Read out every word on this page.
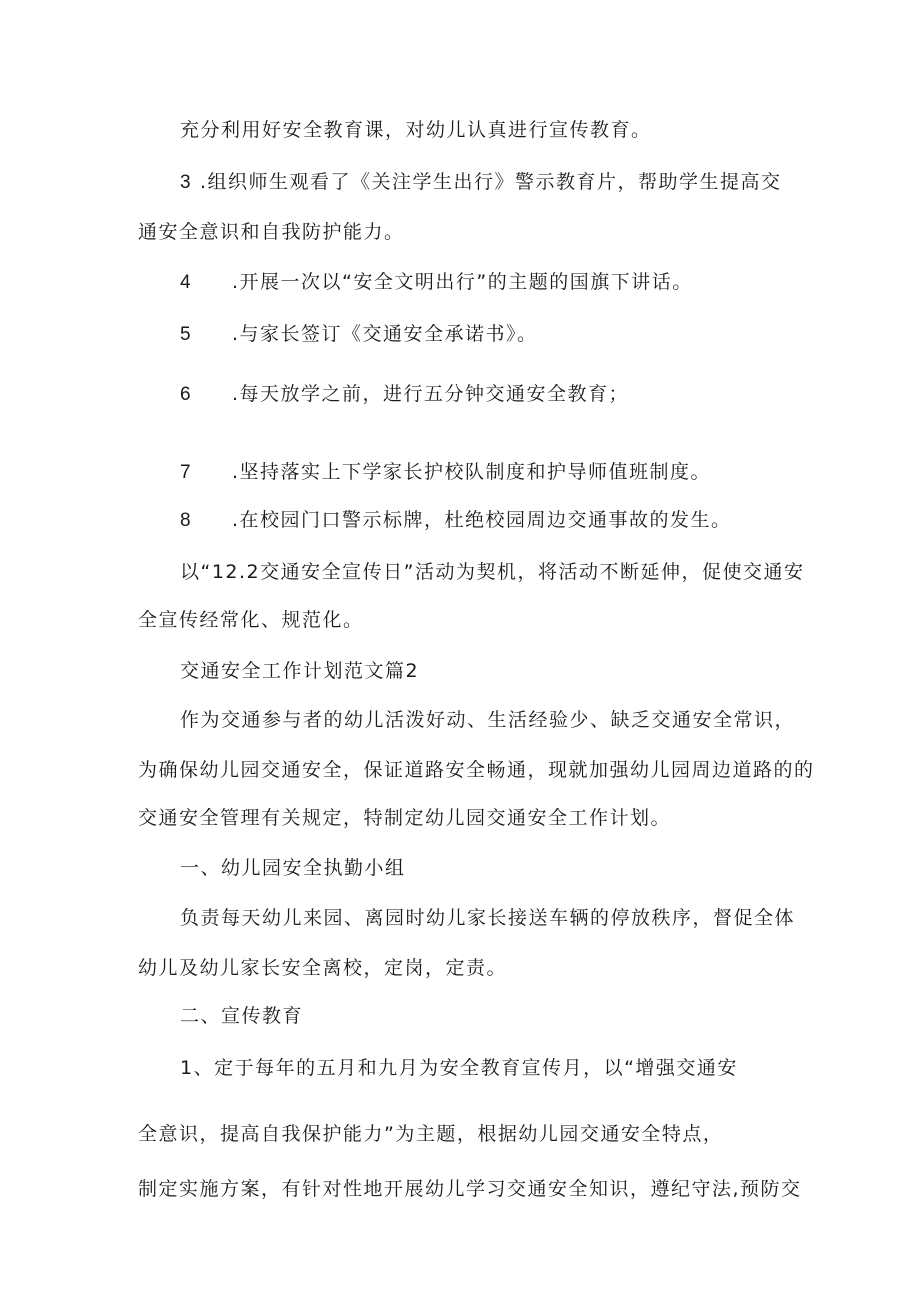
充分利用好安全教育课，对幼儿认真进行宣传教育。
3 .组织师生观看了《关注学生出行》警示教育片，帮助学生提高交
通安全意识和自我防护能力。
4 .开展一次以“安全文明出行”的主题的国旗下讲话。
5 .与家长签订《交通安全承诺书》。
6 .每天放学之前，进行五分钟交通安全教育；
7 .坚持落实上下学家长护校队制度和护导师值班制度。
8 .在校园门口警示标牌，杜绝校园周边交通事故的发生。
以“12.2交通安全宣传日”活动为契机，将活动不断延伸，促使交通安
全宣传经常化、规范化。
交通安全工作计划范文篇2
作为交通参与者的幼儿活泼好动、生活经验少、缺乏交通安全常识，
为确保幼儿园交通安全，保证道路安全畅通，现就加强幼儿园周边道路的的
交通安全管理有关规定，特制定幼儿园交通安全工作计划。
一、幼儿园安全执勤小组
负责每天幼儿来园、离园时幼儿家长接送车辆的停放秩序，督促全体
幼儿及幼儿家长安全离校，定岗，定责。
二、宣传教育
1、定于每年的五月和九月为安全教育宣传月，以“增强交通安
全意识，提高自我保护能力”为主题，根据幼儿园交通安全特点，
制定实施方案，有针对性地开展幼儿学习交通安全知识，遵纪守法,预防交
